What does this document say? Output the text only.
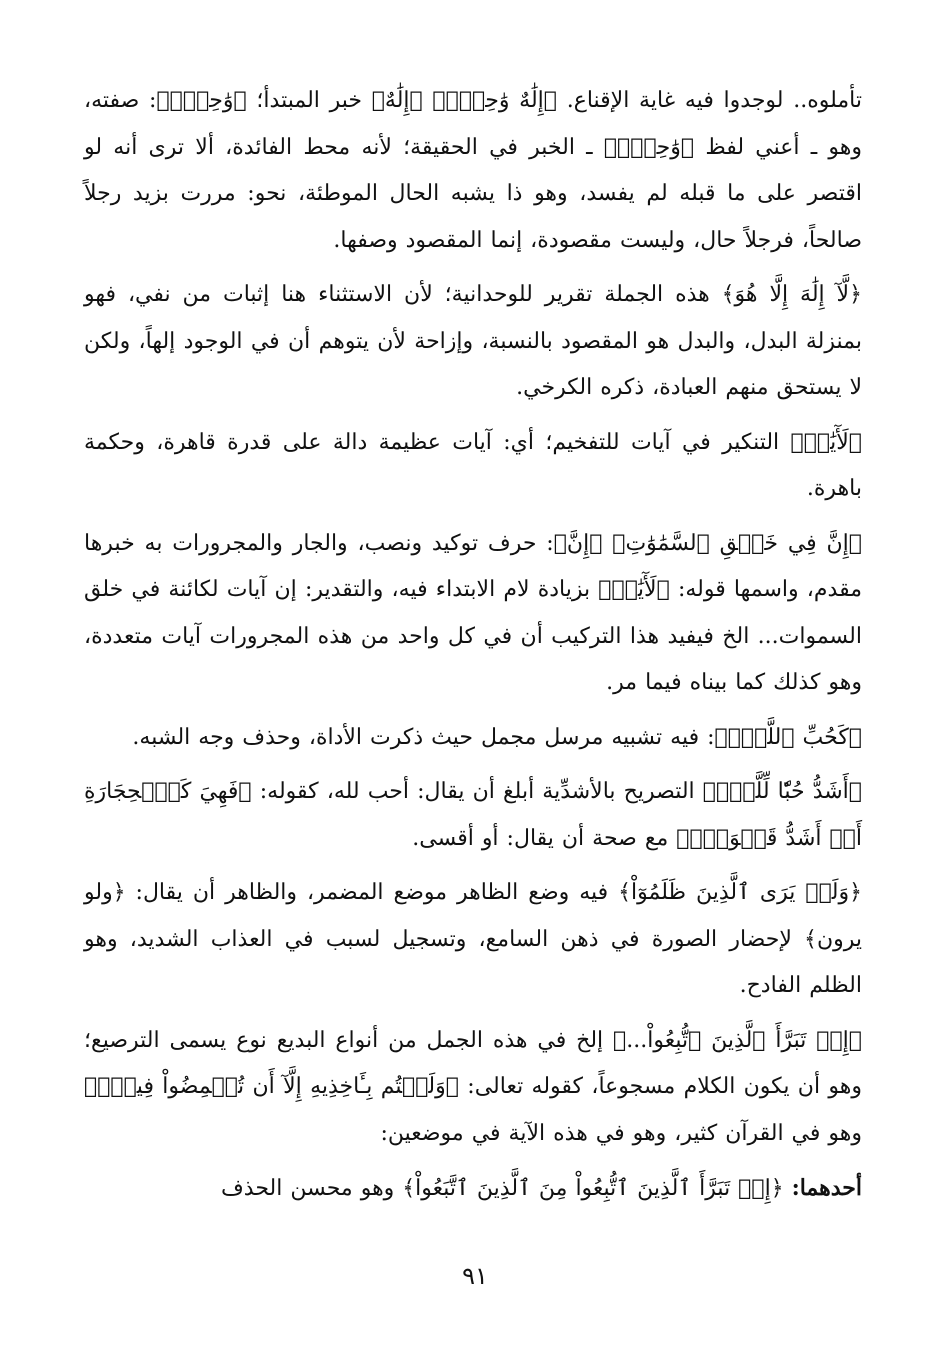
تأملوه.. لوجدوا فيه غاية الإقناع. ﴿إِلَٰهٌ وَٰحِدٌۖ﴾ ﴿إِلَٰهٌ﴾ خبر المبتدأ؛ ﴿وَٰحِدٌۖ﴾: صفته، وهو ـ أعني لفظ ﴿وَٰحِدٌۖ﴾ ـ الخبر في الحقيقة؛ لأنه محط الفائدة، ألا ترى أنه لو اقتصر على ما قبله لم يفسد، وهو ذا يشبه الحال الموطئة، نحو: مررت بزيد رجلاً صالحاً، فرجلاً حال، وليست مقصودة، إنما المقصود وصفها.

﴿لَّآ إِلَٰهَ إِلَّا هُوَ﴾ هذه الجملة تقرير للوحدانية؛ لأن الاستثناء هنا إثبات من نفي، فهو بمنزلة البدل، والبدل هو المقصود بالنسبة، وإزاحة لأن يتوهم أن في الوجود إلهاً، ولكن لا يستحق منهم العبادة، ذكره الكرخي.

﴿لَأٓيَٰتٖ﴾ التنكير في آيات للتفخيم؛ أي: آيات عظيمة دالة على قدرة قاهرة، وحكمة باهرة.

﴿إِنَّ فِي خَلۡقِ ٱلسَّمَٰوَٰتِ﴾ ﴿إِنَّ﴾: حرف توكيد ونصب، والجار والمجرورات به خبرها مقدم، واسمها قوله: ﴿لَأٓيَٰتٖ﴾ بزيادة لام الابتداء فيه، والتقدير: إن آيات لكائنة في خلق السموات... الخ فيفيد هذا التركيب أن في كل واحد من هذه المجرورات آيات متعددة، وهو كذلك كما بيناه فيما مر.

﴿كَحُبِّ ٱللَّهِۖ﴾: فيه تشبيه مرسل مجمل حيث ذكرت الأداة، وحذف وجه الشبه.

﴿أَشَدُّ حُبّٗا لِّلَّهِۗ﴾ التصريح بالأشدِّية أبلغ أن يقال: أحب لله، كقوله: ﴿فَهِيَ كَٱلۡحِجَارَةِ أَوۡ أَشَدُّ قَسۡوَةٗۚ﴾ مع صحة أن يقال: أو أقسى.

﴿وَلَوۡ يَرَى ٱلَّذِينَ ظَلَمُوٓاْ﴾ فيه وضع الظاهر موضع المضمر، والظاهر أن يقال: ﴿ولو يرون﴾ لإحضار الصورة في ذهن السامع، وتسجيل لسبب في العذاب الشديد، وهو الظلم الفادح.

﴿إِذۡ تَبَرَّأَ ٱلَّذِينَ ٱتُّبِعُواْ...﴾ إلخ في هذه الجمل من أنواع البديع نوع يسمى الترصيع؛ وهو أن يكون الكلام مسجوعاً، كقوله تعالى: ﴿وَلَسۡتُم بِـَٔاخِذِيهِ إِلَّآ أَن تُغۡمِضُواْ فِيهِۚ﴾ وهو في القرآن كثير، وهو في هذه الآية في موضعين:

أحدهما: ﴿إِذۡ تَبَرَّأَ ٱلَّذِينَ ٱتُّبِعُواْ مِنَ ٱلَّذِينَ ٱتَّبَعُواْ﴾ وهو محسن الحذف

٩١
